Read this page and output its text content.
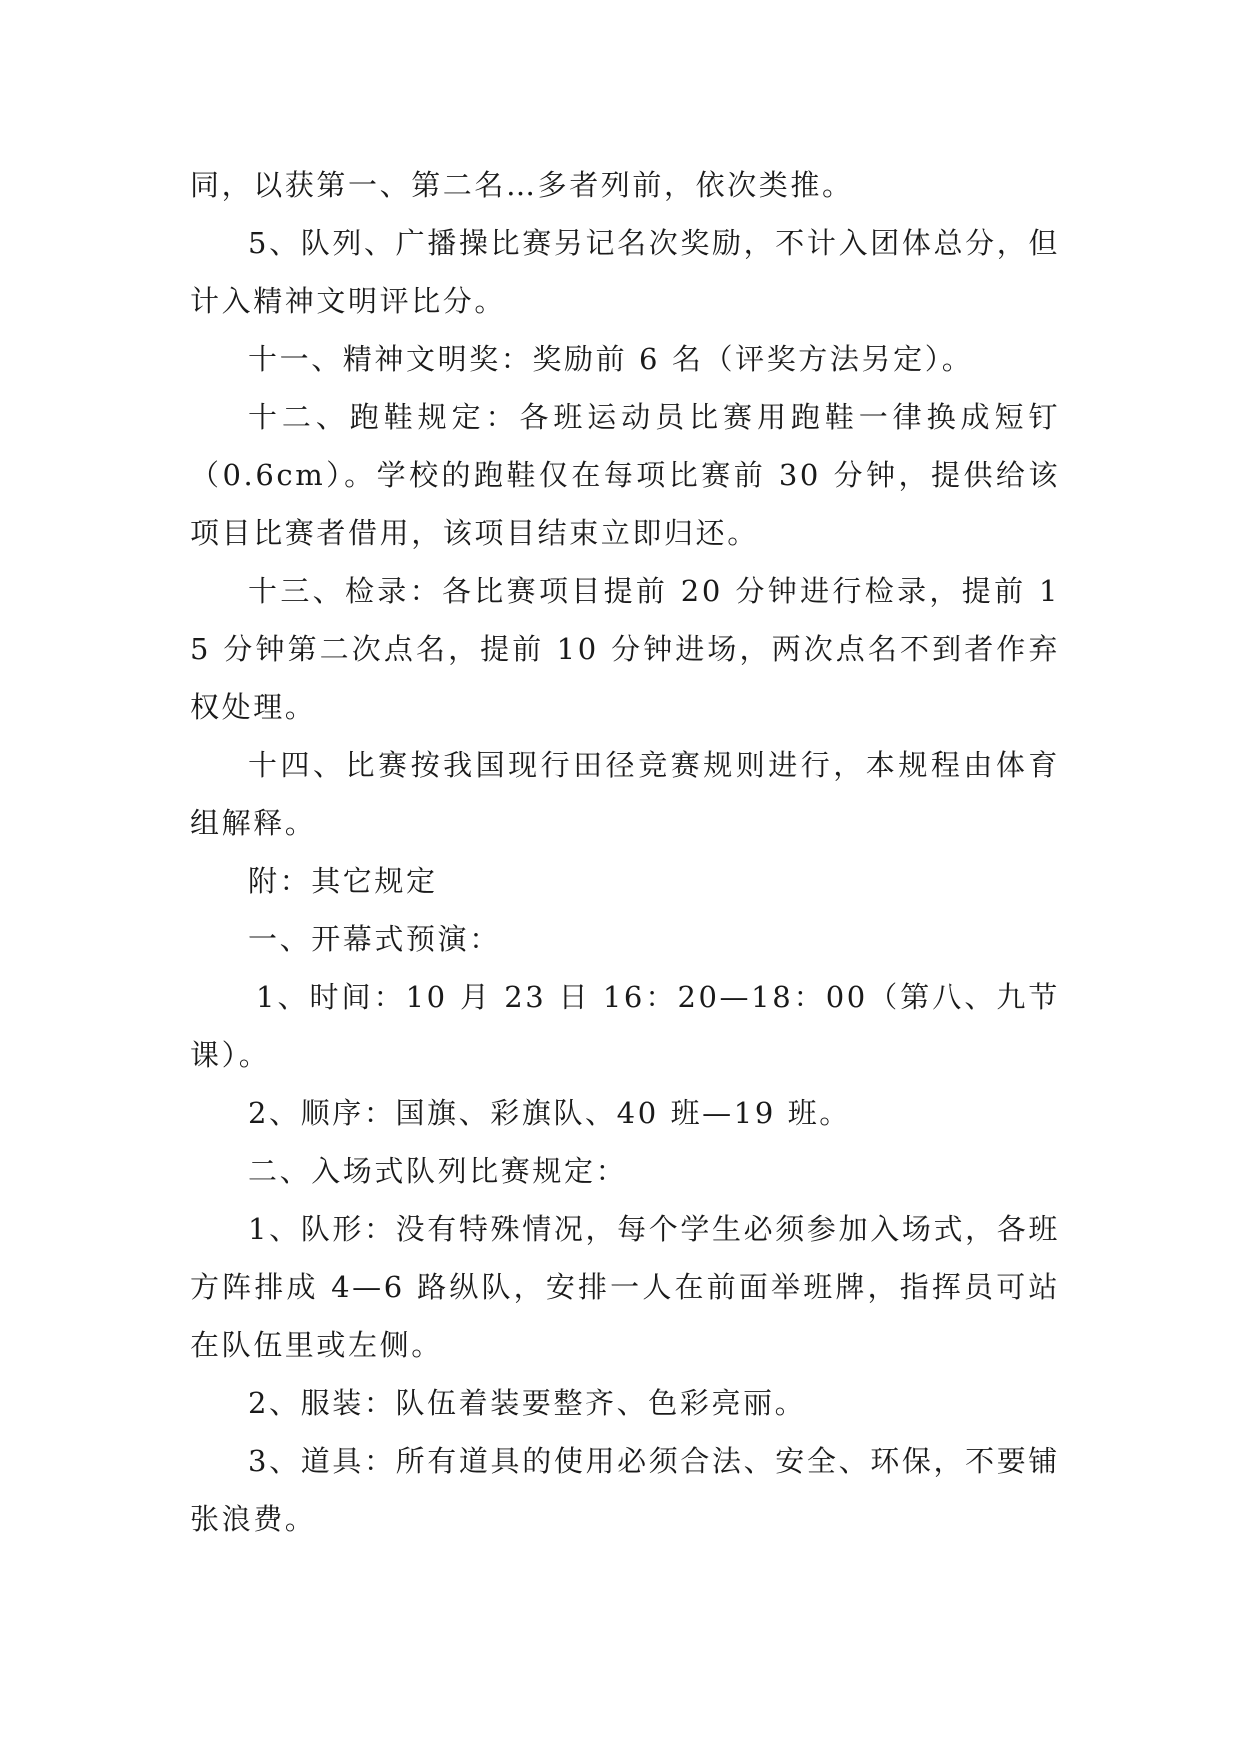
同，以获第一、第二名…多者列前，依次类推。

5、队列、广播操比赛另记名次奖励，不计入团体总分，但计入精神文明评比分。

十一、精神文明奖：奖励前 6 名（评奖方法另定）。

十二、跑鞋规定：各班运动员比赛用跑鞋一律换成短钉（0.6cm）。学校的跑鞋仅在每项比赛前 30 分钟，提供给该项目比赛者借用，该项目结束立即归还。

十三、检录：各比赛项目提前 20 分钟进行检录，提前 15 分钟第二次点名，提前 10 分钟进场，两次点名不到者作弃权处理。

十四、比赛按我国现行田径竞赛规则进行，本规程由体育组解释。

附：其它规定

一、开幕式预演：

1、时间：10 月 23 日 16：20—18：00（第八、九节课）。

2、顺序：国旗、彩旗队、40 班—19 班。

二、入场式队列比赛规定：

1、队形：没有特殊情况，每个学生必须参加入场式，各班方阵排成 4—6 路纵队，安排一人在前面举班牌，指挥员可站在队伍里或左侧。

2、服装：队伍着装要整齐、色彩亮丽。

3、道具：所有道具的使用必须合法、安全、环保，不要铺张浪费。
